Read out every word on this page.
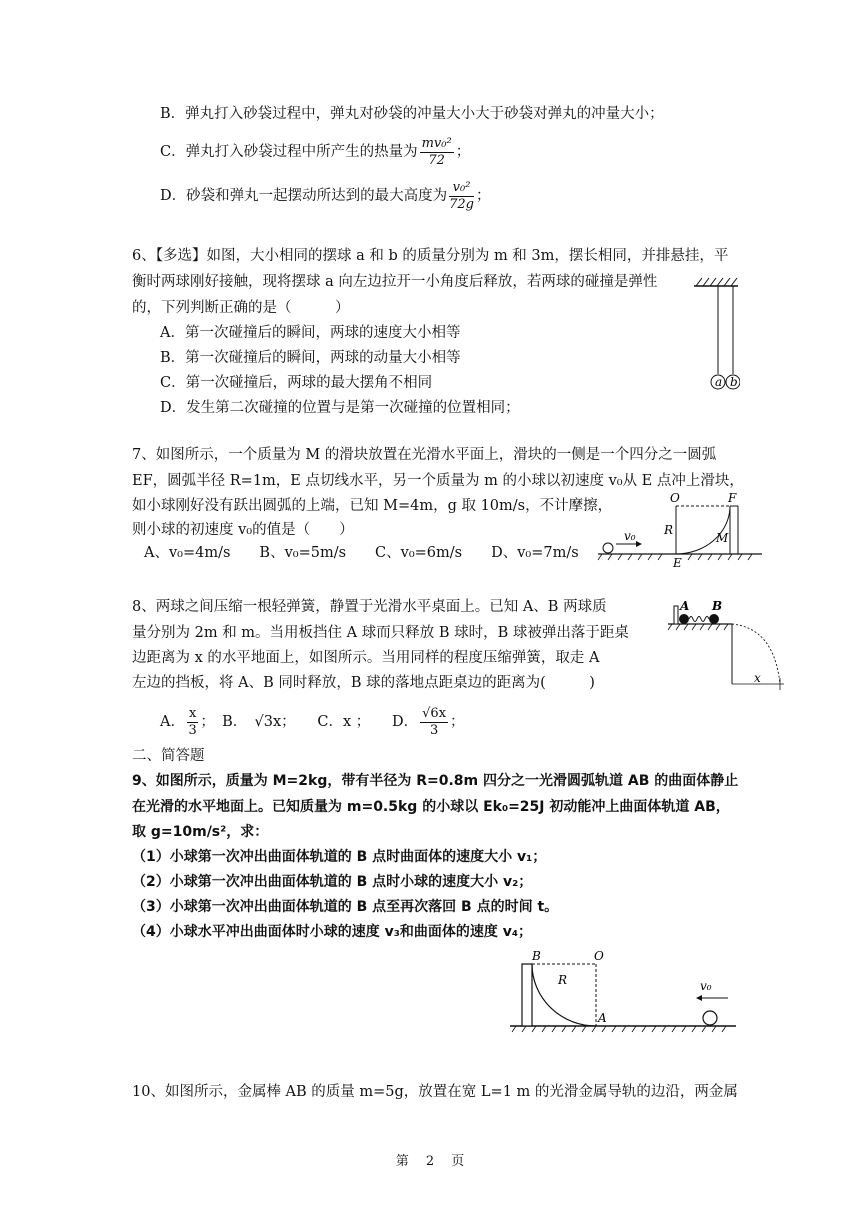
B．弹丸打入砂袋过程中，弹丸对砂袋的冲量大小大于砂袋对弹丸的冲量大小；
C．弹丸打入砂袋过程中所产生的热量为 $\frac{\text{mv₀²}}{72}$ ；
D．砂袋和弹丸一起摆动所达到的最大高度为 $\frac{\text{v₀²}}{72g}$ ；
6、【多选】如图，大小相同的摆球 a 和 b 的质量分别为 m 和 3m，摆长相同，并排悬挂，平
衡时两球刚好接触，现将摆球 a 向左边拉开一小角度后释放，若两球的碰撞是弹性
的，下列判断正确的是（　　　）
A．第一次碰撞后的瞬间，两球的速度大小相等
B．第一次碰撞后的瞬间，两球的动量大小相等
C．第一次碰撞后，两球的最大摆角不相同
D．发生第二次碰撞的位置与是第一次碰撞的位置相同；
a b
7、如图所示，一个质量为 M 的滑块放置在光滑水平面上，滑块的一侧是一个四分之一圆弧
EF，圆弧半径 R=1m，E 点切线水平，另一个质量为 m 的小球以初速度 v₀从 E 点冲上滑块，
如小球刚好没有跃出圆弧的上端，已知 M=4m，g 取 10m/s，不计摩擦，
则小球的初速度 v₀的值是（　　）
A、v₀=4m/s　　B、v₀=5m/s　　C、v₀=6m/s　　D、v₀=7m/s
v₀
O	F
R
M
E
8、两球之间压缩一根轻弹簧，静置于光滑水平桌面上。已知 A、B 两球质
量分别为 2m 和 m。当用板挡住 A 球而只释放 B 球时，B 球被弹出落于距桌
边距离为 x 的水平地面上，如图所示。当用同样的程度压缩弹簧，取走 A
左边的挡板，将 A、B 同时释放，B 球的落地点距桌边的距离为(　　　)
A． $\frac{x}{3}$ ；　B．　√3x；　　C．x ；　　D． $\frac{√6x}{3}$ ；
A B
x
二、简答题
9、如图所示，质量为 M=2kg，带有半径为 R=0.8m 四分之一光滑圆弧轨道 AB 的曲面体静止
在光滑的水平地面上。已知质量为 m=0.5kg 的小球以 Ek₀=25J 初动能冲上曲面体轨道 AB，
取 g=10m/s²，求：
（1）小球第一次冲出曲面体轨道的 B 点时曲面体的速度大小 v₁；
（2）小球第一次冲出曲面体轨道的 B 点时小球的速度大小 v₂；
（3）小球第一次冲出曲面体轨道的 B 点至再次落回 B 点的时间 t。
（4）小球水平冲出曲面体时小球的速度 v₃和曲面体的速度 v₄；
B	O
R
A
v₀
10、如图所示，金属棒 AB 的质量 m=5g，放置在宽 L=1 m 的光滑金属导轨的边沿，两金属
第　 2　 页
